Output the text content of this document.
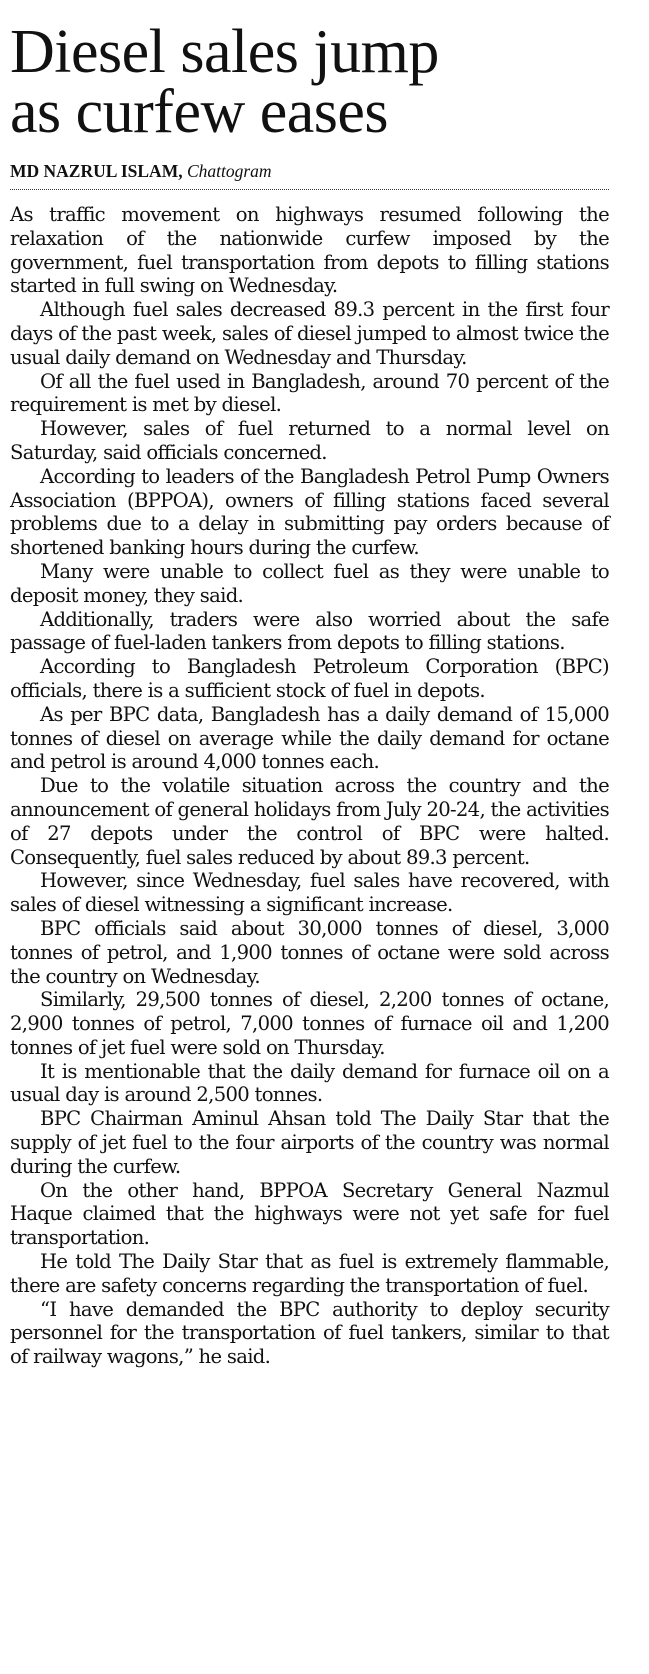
Diesel sales jump
as curfew eases
MD NAZRUL ISLAM, Chattogram

As traffic movement on highways resumed following the relaxation of the nationwide curfew imposed by the government, fuel transportation from depots to filling stations started in full swing on Wednesday.

Although fuel sales decreased 89.3 percent in the first four days of the past week, sales of diesel jumped to almost twice the usual daily demand on Wednesday and Thursday.

Of all the fuel used in Bangladesh, around 70 percent of the requirement is met by diesel.

However, sales of fuel returned to a normal level on Saturday, said officials concerned.

According to leaders of the Bangladesh Petrol Pump Owners Association (BPPOA), owners of filling stations faced several problems due to a delay in submitting pay orders because of shortened banking hours during the curfew.

Many were unable to collect fuel as they were unable to deposit money, they said.

Additionally, traders were also worried about the safe passage of fuel-laden tankers from depots to filling stations.

According to Bangladesh Petroleum Corporation (BPC) officials, there is a sufficient stock of fuel in depots.

As per BPC data, Bangladesh has a daily demand of 15,000 tonnes of diesel on average while the daily demand for octane and petrol is around 4,000 tonnes each.

Due to the volatile situation across the country and the announcement of general holidays from July 20-24, the activities of 27 depots under the control of BPC were halted. Consequently, fuel sales reduced by about 89.3 percent.

However, since Wednesday, fuel sales have recovered, with sales of diesel witnessing a significant increase.

BPC officials said about 30,000 tonnes of diesel, 3,000 tonnes of petrol, and 1,900 tonnes of octane were sold across the country on Wednesday.

Similarly, 29,500 tonnes of diesel, 2,200 tonnes of octane, 2,900 tonnes of petrol, 7,000 tonnes of furnace oil and 1,200 tonnes of jet fuel were sold on Thursday.

It is mentionable that the daily demand for furnace oil on a usual day is around 2,500 tonnes.

BPC Chairman Aminul Ahsan told The Daily Star that the supply of jet fuel to the four airports of the country was normal during the curfew.

On the other hand, BPPOA Secretary General Nazmul Haque claimed that the highways were not yet safe for fuel transportation.

He told The Daily Star that as fuel is extremely flammable, there are safety concerns regarding the transportation of fuel.

“I have demanded the BPC authority to deploy security personnel for the transportation of fuel tankers, similar to that of railway wagons,” he said.
